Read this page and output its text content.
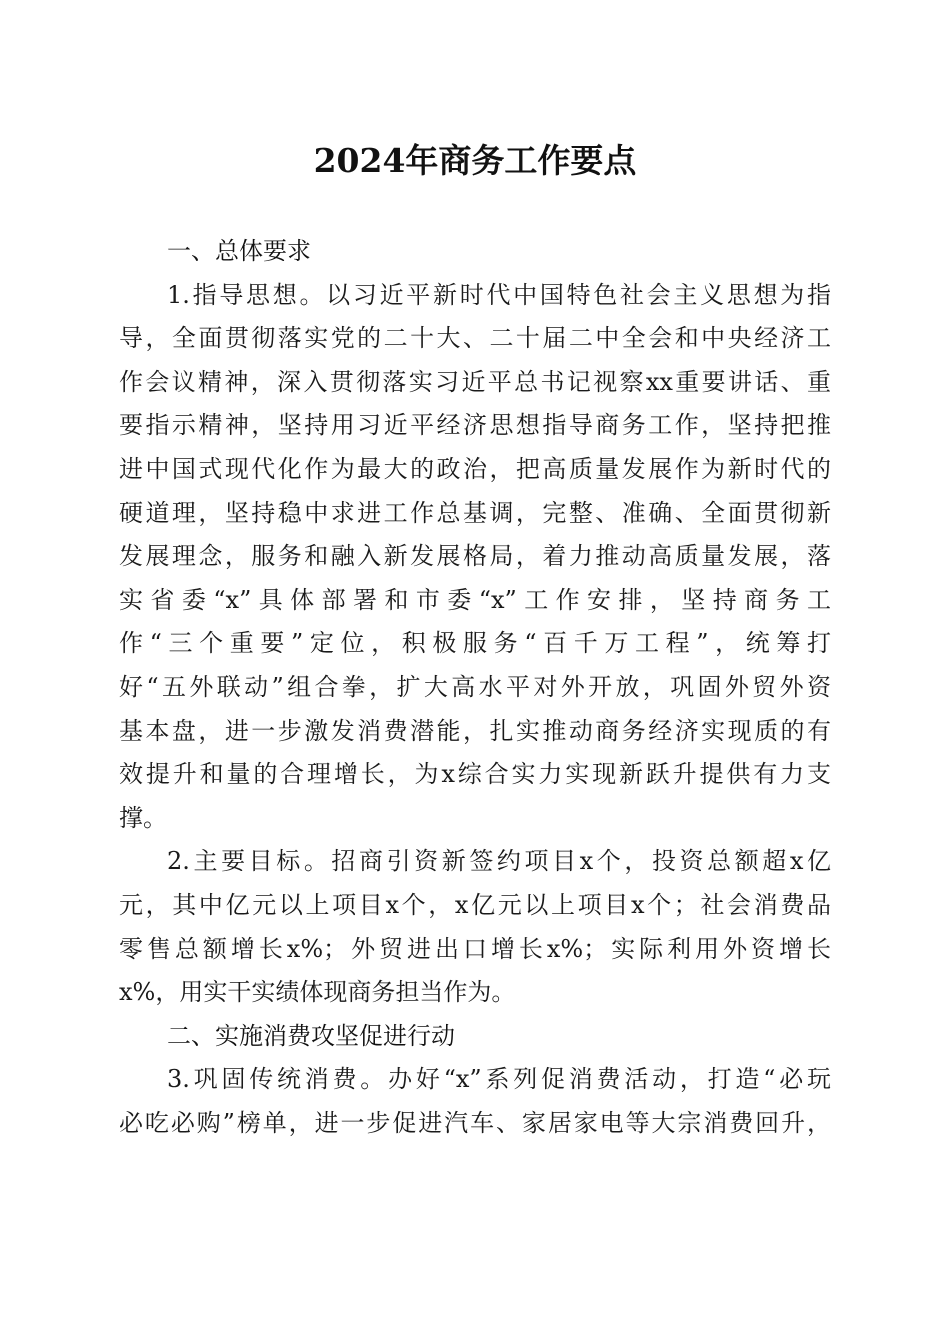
2024年商务工作要点
一、总体要求
1.指导思想。以习近平新时代中国特色社会主义思想为指
导，全面贯彻落实党的二十大、二十届二中全会和中央经济工
作会议精神，深入贯彻落实习近平总书记视察xx重要讲话、重
要指示精神，坚持用习近平经济思想指导商务工作，坚持把推
进中国式现代化作为最大的政治，把高质量发展作为新时代的
硬道理，坚持稳中求进工作总基调，完整、准确、全面贯彻新
发展理念，服务和融入新发展格局，着力推动高质量发展，落
实省委“x”具体部署和市委“x”工作安排，坚持商务工
作“三个重要”定位，积极服务“百千万工程”，统筹打
好“五外联动”组合拳，扩大高水平对外开放，巩固外贸外资
基本盘，进一步激发消费潜能，扎实推动商务经济实现质的有
效提升和量的合理增长，为x综合实力实现新跃升提供有力支
撑。
2.主要目标。招商引资新签约项目x个，投资总额超x亿
元，其中亿元以上项目x个，x亿元以上项目x个；社会消费品
零售总额增长x%；外贸进出口增长x%；实际利用外资增长
x%，用实干实绩体现商务担当作为。
二、实施消费攻坚促进行动
3.巩固传统消费。办好“x”系列促消费活动，打造“必玩
必吃必购”榜单，进一步促进汽车、家居家电等大宗消费回升，
